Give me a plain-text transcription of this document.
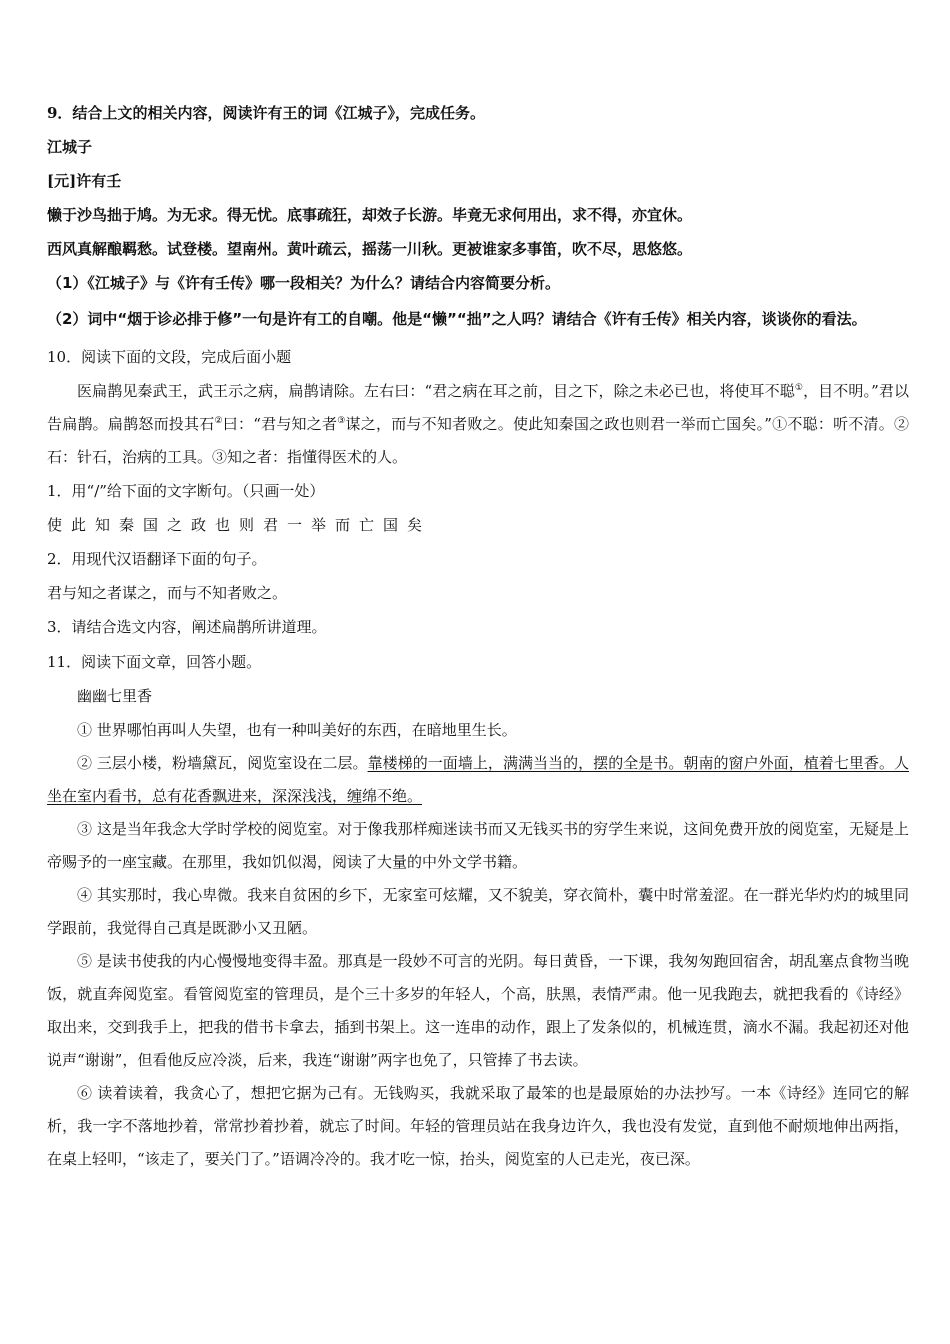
9．结合上文的相关内容，阅读许有王的词《江城子》，完成任务。
江城子
[元]许有壬
懒于沙鸟拙于鸠。为无求。得无忧。底事疏狂，却效子长游。毕竟无求何用出，求不得，亦宜休。
西风真解酿羁愁。试登楼。望南州。黄叶疏云，摇荡一川秋。更被谁家多事笛，吹不尽，思悠悠。
（1）《江城子》与《许有壬传》哪一段相关？为什么？请结合内容简要分析。
（2）词中“烟于诊必排于修”一句是许有工的自嘲。他是“懒”“拙”之人吗？请结合《许有壬传》相关内容，谈谈你的看法。
10．阅读下面的文段，完成后面小题
医扁鹊见秦武王，武王示之病，扁鹊请除。左右曰：“君之病在耳之前，目之下，除之未必已也，将使耳不聪①，目不明。”君以告扁鹊。扁鹊怒而投其石②曰：“君与知之者③谋之，而与不知者败之。使此知秦国之政也则君一举而亡国矣。”①不聪：听不清。②石：针石，治病的工具。③知之者：指懂得医术的人。
1．用“/”给下面的文字断句。（只画一处）
使此知秦国之政也则君一举而亡国矣
2．用现代汉语翻译下面的句子。
君与知之者谋之，而与不知者败之。
3．请结合选文内容，阐述扁鹊所讲道理。
11．阅读下面文章，回答小题。
幽幽七里香
① 世界哪怕再叫人失望，也有一种叫美好的东西，在暗地里生长。
② 三层小楼，粉墙黛瓦，阅览室设在二层。靠楼梯的一面墙上，满满当当的，摆的全是书。朝南的窗户外面，植着七里香。人坐在室内看书，总有花香飘进来，深深浅浅，缠绵不绝。
③ 这是当年我念大学时学校的阅览室。对于像我那样痴迷读书而又无钱买书的穷学生来说，这间免费开放的阅览室，无疑是上帝赐予的一座宝藏。在那里，我如饥似渴，阅读了大量的中外文学书籍。
④ 其实那时，我心卑微。我来自贫困的乡下，无家室可炫耀，又不貌美，穿衣简朴，囊中时常羞涩。在一群光华灼灼的城里同学跟前，我觉得自己真是既渺小又丑陋。
⑤ 是读书使我的内心慢慢地变得丰盈。那真是一段妙不可言的光阴。每日黄昏，一下课，我匆匆跑回宿舍，胡乱塞点食物当晚饭，就直奔阅览室。看管阅览室的管理员，是个三十多岁的年轻人，个高，肤黑，表情严肃。他一见我跑去，就把我看的《诗经》取出来，交到我手上，把我的借书卡拿去，插到书架上。这一连串的动作，跟上了发条似的，机械连贯，滴水不漏。我起初还对他说声“谢谢”，但看他反应冷淡，后来，我连“谢谢”两字也免了，只管捧了书去读。
⑥ 读着读着，我贪心了，想把它据为己有。无钱购买，我就采取了最笨的也是最原始的办法抄写。一本《诗经》连同它的解析，我一字不落地抄着，常常抄着抄着，就忘了时间。年轻的管理员站在我身边许久，我也没有发觉，直到他不耐烦地伸出两指，在桌上轻叩，“该走了，要关门了。”语调冷冷的。我才吃一惊，抬头，阅览室的人已走光，夜已深。
